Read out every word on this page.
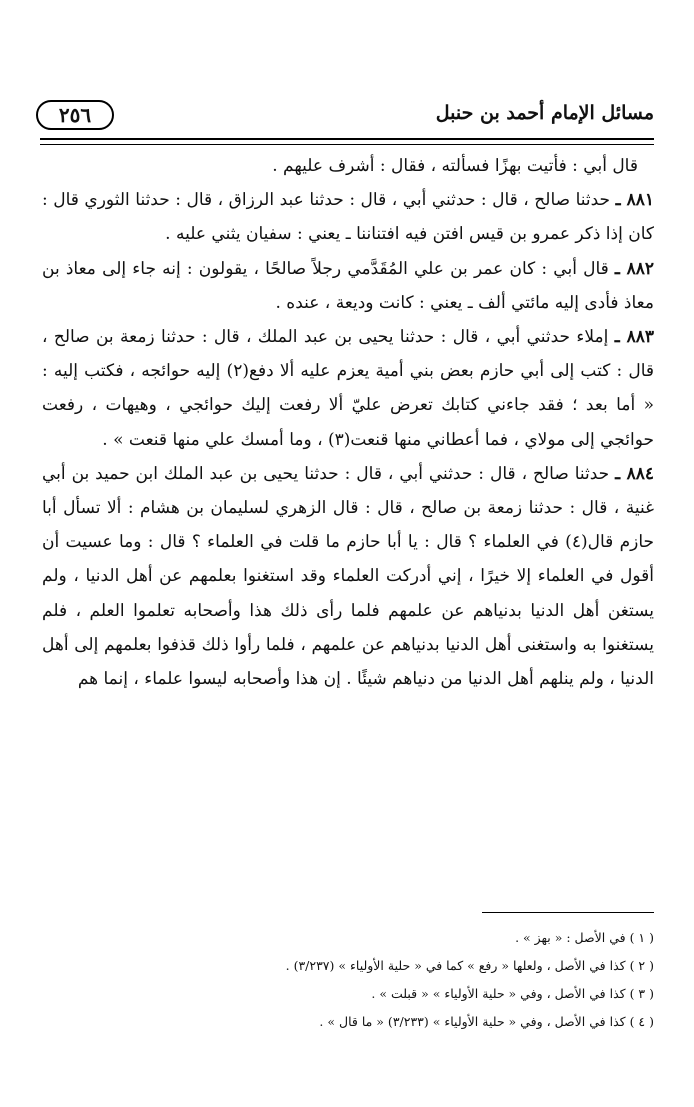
٢٥٦	مسائل الإمام أحمد بن حنبل

قال أبي : فأتيت بهزًا فسألته ، فقال : أشرف عليهم .

٨٨١ ـ حدثنا صالح ، قال : حدثني أبي ، قال : حدثنا عبد الرزاق ، قال : حدثنا الثوري قال : كان إذا ذكر عمرو بن قيس افتن فيه افتناننا ـ يعني : سفيان يثني عليه .

٨٨٢ ـ قال أبي : كان عمر بن علي المُقَدَّمي رجلاً صالحًا ، يقولون : إنه جاء إلى معاذ بن معاذ فأدى إليه مائتي ألف ـ يعني : كانت وديعة ، عنده .

٨٨٣ ـ إملاء حدثني أبي ، قال : حدثنا يحيى بن عبد الملك ، قال : حدثنا زمعة بن صالح ، قال : كتب إلى أبي حازم بعض بني أمية يعزم عليه ألا دفع(٢) إليه حوائجه ، فكتب إليه : « أما بعد ؛ فقد جاءني كتابك تعرض عليّ ألا رفعت إليك حوائجي ، وهيهات ، رفعت حوائجي إلى مولاي ، فما أعطاني منها قنعت(٣) ، وما أمسك علي منها قنعت » .

٨٨٤ ـ حدثنا صالح ، قال : حدثني أبي ، قال : حدثنا يحيى بن عبد الملك ابن حميد بن أبي غنية ، قال : حدثنا زمعة بن صالح ، قال : قال الزهري لسليمان بن هشام : ألا تسأل أبا حازم قال(٤) في العلماء ؟ قال : يا أبا حازم ما قلت في العلماء ؟ قال : وما عسيت أن أقول في العلماء إلا خيرًا ، إني أدركت العلماء وقد استغنوا بعلمهم عن أهل الدنيا ، ولم يستغن أهل الدنيا بدنياهم عن علمهم فلما رأى ذلك هذا وأصحابه تعلموا العلم ، فلم يستغنوا به واستغنى أهل الدنيا بدنياهم عن علمهم ، فلما رأوا ذلك قذفوا بعلمهم إلى أهل الدنيا ، ولم ينلهم أهل الدنيا من دنياهم شيئًا . إن هذا وأصحابه ليسوا علماء ، إنما هم

( ١ ) في الأصل : « بهز » .

( ٢ ) كذا في الأصل ، ولعلها « رفع » كما في « حلية الأولياء » (٣/٢٣٧) .

( ٣ ) كذا في الأصل ، وفي « حلية الأولياء » « قبلت » .

( ٤ ) كذا في الأصل ، وفي « حلية الأولياء » (٣/٢٣٣) « ما قال » .
